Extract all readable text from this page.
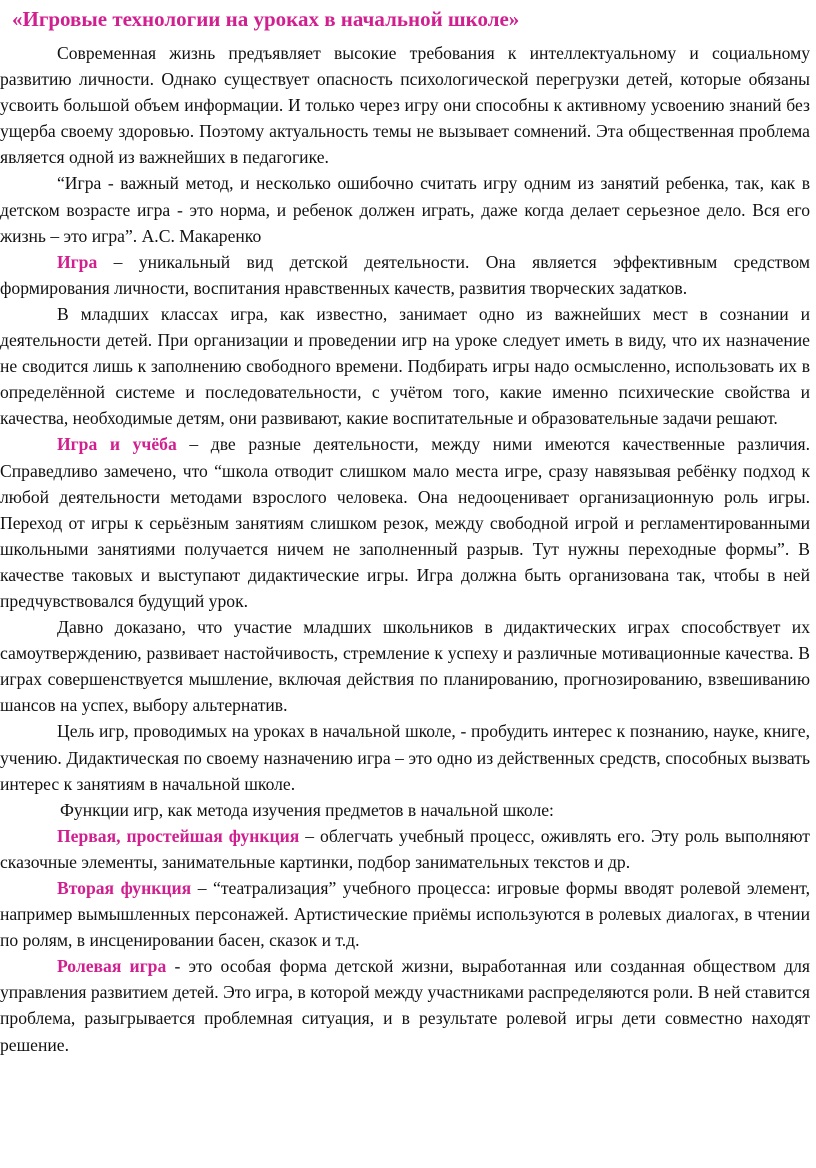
«Игровые технологии на уроках в начальной школе»

Современная жизнь предъявляет высокие требования к интеллектуальному и социальному развитию личности. Однако существует опасность психологической перегрузки детей, которые обязаны усвоить большой объем информации. И только через игру они способны к активному усвоению знаний без ущерба своему здоровью. Поэтому актуальность темы не вызывает сомнений. Эта общественная проблема является одной из важнейших в педагогике.

“Игра - важный метод, и несколько ошибочно считать игру одним из занятий ребенка, так, как в детском возрасте игра - это норма, и ребенок должен играть, даже когда делает серьезное дело. Вся его жизнь – это игра”. А.С. Макаренко

Игра – уникальный вид детской деятельности. Она является эффективным средством формирования личности, воспитания нравственных качеств, развития творческих задатков.

В младших классах игра, как известно, занимает одно из важнейших мест в сознании и деятельности детей. При организации и проведении игр на уроке следует иметь в виду, что их назначение не сводится лишь к заполнению свободного времени. Подбирать игры надо осмысленно, использовать их в определённой системе и последовательности, с учётом того, какие именно психические свойства и качества, необходимые детям, они развивают, какие воспитательные и образовательные задачи решают.

Игра и учёба – две разные деятельности, между ними имеются качественные различия. Справедливо замечено, что “школа отводит слишком мало места игре, сразу навязывая ребёнку подход к любой деятельности методами взрослого человека. Она недооценивает организационную роль игры. Переход от игры к серьёзным занятиям слишком резок, между свободной игрой и регламентированными школьными занятиями получается ничем не заполненный разрыв. Тут нужны переходные формы”. В качестве таковых и выступают дидактические игры. Игра должна быть организована так, чтобы в ней предчувствовался будущий урок.

Давно доказано, что участие младших школьников в дидактических играх способствует их самоутверждению, развивает настойчивость, стремление к успеху и различные мотивационные качества. В играх совершенствуется мышление, включая действия по планированию, прогнозированию, взвешиванию шансов на успех, выбору альтернатив.

Цель игр, проводимых на уроках в начальной школе, - пробудить интерес к познанию, науке, книге, учению. Дидактическая по своему назначению игра – это одно из действенных средств, способных вызвать интерес к занятиям в начальной школе.

Функции игр, как метода изучения предметов в начальной школе:

Первая, простейшая функция – облегчать учебный процесс, оживлять его. Эту роль выполняют сказочные элементы, занимательные картинки, подбор занимательных текстов и др.

Вторая функция – “театрализация” учебного процесса: игровые формы вводят ролевой элемент, например вымышленных персонажей. Артистические приёмы используются в ролевых диалогах, в чтении по ролям, в инсценировании басен, сказок и т.д.

Ролевая игра - это особая форма детской жизни, выработанная или созданная обществом для управления развитием детей. Это игра, в которой между участниками распределяются роли. В ней ставится проблема, разыгрывается проблемная ситуация, и в результате ролевой игры дети совместно находят решение.
